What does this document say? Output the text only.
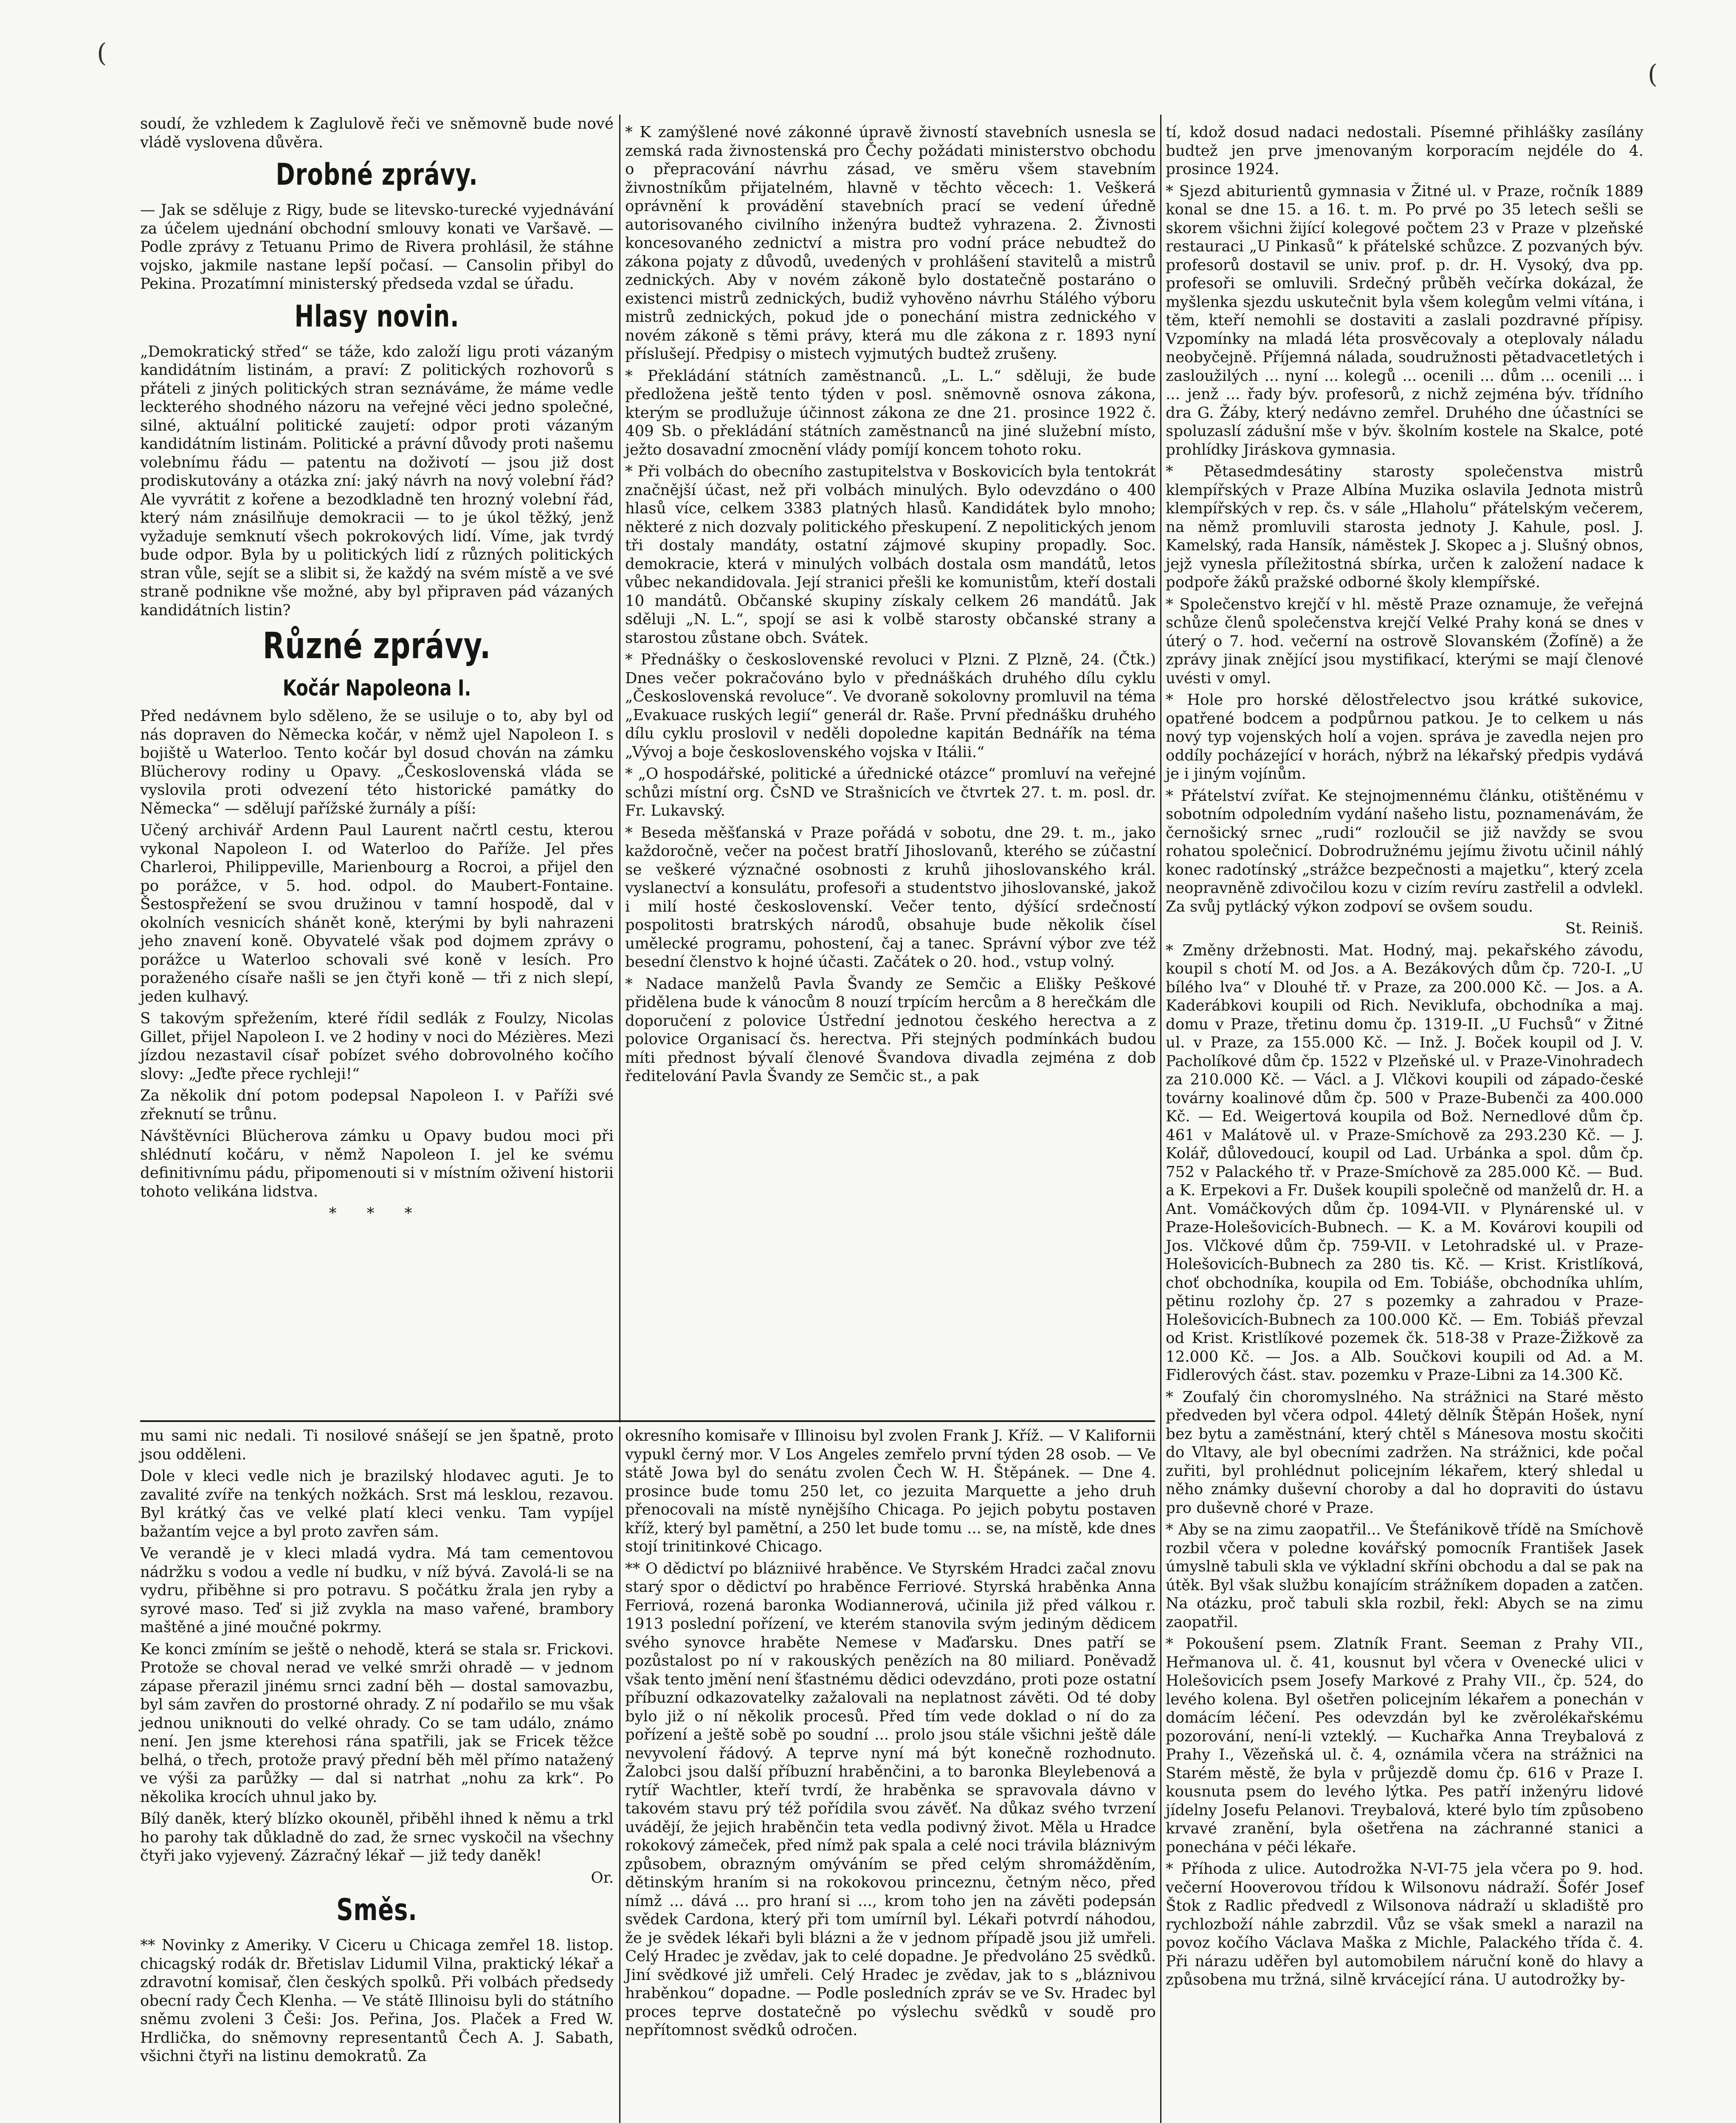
(
(

soudí, že vzhledem k Zaglulově řeči ve sněmovně bude nové vládě vyslovena důvěra.

Drobné zprávy.

— Jak se sděluje z Rigy, bude se litevsko-turecké vyjednávání za účelem ujednání obchodní smlouvy konati ve Varšavě. — Podle zprávy z Tetuanu Primo de Rivera prohlásil, že stáhne vojsko, jakmile nastane lepší počasí. — Cansolin přibyl do Pekina. Prozatímní ministerský předseda vzdal se úřadu.

Hlasy novin.

„Demokratický střed“ se táže, kdo založí ligu proti vázaným kandidátním listinám, a praví: Z politických rozhovorů s přáteli z jiných politických stran seznáváme, že máme vedle leckterého shodného názoru na veřejné věci jedno společné, silné, aktuální politické zaujetí: odpor proti vázaným kandidátním listinám. Politické a právní důvody proti našemu volebnímu řádu — patentu na doživotí — jsou již dost prodiskutovány a otázka zní: jaký návrh na nový volební řád? Ale vyvrátit z kořene a bezodkladně ten hrozný volební řád, který nám znásilňuje demokracii — to je úkol těžký, jenž vyžaduje semknutí všech pokrokových lidí. Víme, jak tvrdý bude odpor. Byla by u politických lidí z různých politických stran vůle, sejít se a slibit si, že každý na svém místě a ve své straně podnikne vše možné, aby byl připraven pád vázaných kandidátních listin?

Různé zprávy.
Kočár Napoleona I.

Před nedávnem bylo sděleno, že se usiluje o to, aby byl od nás dopraven do Německa kočár, v němž ujel Napoleon I. s bojiště u Waterloo. Tento kočár byl dosud chován na zámku Blücherovy rodiny u Opavy. „Československá vláda se vyslovila proti odvezení této historické památky do Německa“ — sdělují pařížské žurnály a píší:

Učený archivář Ardenn Paul Laurent načrtl cestu, kterou vykonal Napoleon I. od Waterloo do Paříže. Jel přes Charleroi, Philippeville, Marienbourg a Rocroi, a přijel den po porážce, v 5. hod. odpol. do Maubert-Fontaine. Šestospřežení se svou družinou v tamní hospodě, dal v okolních vesnicích shánět koně, kterými by byli nahrazeni jeho znavení koně. Obyvatelé však pod dojmem zprávy o porážce u Waterloo schovali své koně v lesích. Pro poraženého císaře našli se jen čtyři koně — tři z nich slepí, jeden kulhavý.

S takovým spřežením, které řídil sedlák z Foulzy, Nicolas Gillet, přijel Napoleon I. ve 2 hodiny v noci do Mézières. Mezi jízdou nezastavil císař pobízet svého dobrovolného kočího slovy: „Jeďte přece rychleji!“

Za několik dní potom podepsal Napoleon I. v Paříži své zřeknutí se trůnu.

Návštěvníci Blücherova zámku u Opavy budou moci při shlédnutí kočáru, v němž Napoleon I. jel ke svému definitivnímu pádu, připomenouti si v místním oživení historii tohoto velikána lidstva.

* * *

* K zamýšlené nové zákonné úpravě živností stavebních usnesla se zemská rada živnostenská pro Čechy požádati ministerstvo obchodu o přepracování návrhu zásad, ve směru všem stavebním živnostníkům přijatelném, hlavně v těchto věcech: 1. Veškerá oprávnění k provádění stavebních prací se vedení úředně autorisovaného civilního inženýra budtež vyhrazena. 2. Živnosti koncesovaného zednictví a mistra pro vodní práce nebudtež do zákona pojaty z důvodů, uvedených v prohlášení stavitelů a mistrů zednických. Aby v novém zákoně bylo dostatečně postaráno o existenci mistrů zednických, budiž vyhověno návrhu Stálého výboru mistrů zednických, pokud jde o ponechání mistra zednického v novém zákoně s těmi právy, která mu dle zákona z r. 1893 nyní příslušejí. Předpisy o mistech vyjmutých budtež zrušeny.

* Překládání státních zaměstnanců. „L. L.“ sděluji, že bude předložena ještě tento týden v posl. sněmovně osnova zákona, kterým se prodlužuje účinnost zákona ze dne 21. prosince 1922 č. 409 Sb. o překládání státních zaměstnanců na jiné služební místo, ježto dosavadní zmocnění vlády pomíjí koncem tohoto roku.

* Při volbách do obecního zastupitelstva v Boskovicích byla tentokrát značnější účast, než při volbách minulých. Bylo odevzdáno o 400 hlasů více, celkem 3383 platných hlasů. Kandidátek bylo mnoho; některé z nich dozvaly politického přeskupení. Z nepolitických jenom tři dostaly mandáty, ostatní zájmové skupiny propadly. Soc. demokracie, která v minulých volbách dostala osm mandátů, letos vůbec nekandidovala. Její stranici přešli ke komunistům, kteří dostali 10 mandátů. Občanské skupiny získaly celkem 26 mandátů. Jak sděluji „N. L.“, spojí se asi k volbě starosty občanské strany a starostou zůstane obch. Svátek.

* Přednášky o československé revoluci v Plzni. Z Plzně, 24. (Čtk.) Dnes večer pokračováno bylo v přednáškách druhého dílu cyklu „Československá revoluce“. Ve dvoraně sokolovny promluvil na téma „Evakuace ruských legií“ generál dr. Raše. První přednášku druhého dílu cyklu proslovil v neděli dopoledne kapitán Bednářík na téma „Vývoj a boje československého vojska v Itálii.“

* „O hospodářské, politické a úřednické otázce“ promluví na veřejné schůzi místní org. ČsND ve Strašnicích ve čtvrtek 27. t. m. posl. dr. Fr. Lukavský.

* Beseda měšťanská v Praze pořádá v sobotu, dne 29. t. m., jako každoročně, večer na počest bratří Jihoslovanů, kterého se zúčastní se veškeré význačné osobnosti z kruhů jihoslovanského král. vyslanectví a konsulátu, profesoři a studentstvo jihoslovanské, jakož i milí hosté československí. Večer tento, dýšící srdečností pospolitosti bratrských národů, obsahuje bude několik čísel umělecké programu, pohostení, čaj a tanec. Správní výbor zve též besední členstvo k hojné účasti. Začátek o 20. hod., vstup volný.

* Nadace manželů Pavla Švandy ze Semčic a Elišky Peškové přidělena bude k vánocům 8 nouzí trpícím hercům a 8 herečkám dle doporučení z polovice Ústřední jednotou českého herectva a z polovice Organisací čs. herectva. Při stejných podmínkách budou míti přednost bývalí členové Švandova divadla zejména z dob ředitelování Pavla Švandy ze Semčic st., a pak

tí, kdož dosud nadaci nedostali. Písemné přihlášky zasílány budtež jen prve jmenovaným korporacím nejdéle do 4. prosince 1924.

* Sjezd abiturientů gymnasia v Žitné ul. v Praze, ročník 1889 konal se dne 15. a 16. t. m. Po prvé po 35 letech sešli se skorem všichni žijící kolegové počtem 23 v Praze v plzeňské restauraci „U Pinkasů“ k přátelské schůzce. Z pozvaných býv. profesorů dostavil se univ. prof. p. dr. H. Vysoký, dva pp. profesoři se omluvili. Srdečný průběh večírka dokázal, že myšlenka sjezdu uskutečnit byla všem kolegům velmi vítána, i těm, kteří nemohli se dostaviti a zaslali pozdravné přípisy. Vzpomínky na mladá léta prosvěcovaly a oteplovaly náladu neobyčejně. Příjemná nálada, soudružnosti pětadvacetletých i zasloužilých ... nyní ... kolegů ... ocenili ... dům ... ocenili ... i ... jenž ... řady býv. profesorů, z nichž zejména býv. třídního dra G. Žáby, který nedávno zemřel. Druhého dne účastníci se spoluzaslí zádušní mše v býv. školním kostele na Skalce, poté prohlídky Jiráskova gymnasia.

* Pětasedmdesátiny starosty společenstva mistrů klempířských v Praze Albína Muzika oslavila Jednota mistrů klempířských v rep. čs. v sále „Hlaholu“ přátelským večerem, na němž promluvili starosta jednoty J. Kahule, posl. J. Kamelský, rada Hansík, náměstek J. Skopec a j. Slušný obnos, jejž vynesla příležitostná sbírka, určen k založení nadace k podpoře žáků pražské odborné školy klempířské.

* Společenstvo krejčí v hl. městě Praze oznamuje, že veřejná schůze členů společenstva krejčí Velké Prahy koná se dnes v úterý o 7. hod. večerní na ostrově Slovanském (Žofíně) a že zprávy jinak znějící jsou mystifikací, kterými se mají členové uvésti v omyl.

* Hole pro horské dělostřelectvo jsou krátké sukovice, opatřené bodcem a podpůrnou patkou. Je to celkem u nás nový typ vojenských holí a vojen. správa je zavedla nejen pro oddíly pocházející v horách, nýbrž na lékařský předpis vydává je i jiným vojínům.

* Přátelství zvířat. Ke stejnojmennému článku, otištěnému v sobotním odpoledním vydání našeho listu, poznamenávám, že černošický srnec „rudi“ rozloučil se již navždy se svou rohatou společnicí. Dobrodružnému jejímu životu učinil náhlý konec radotínský „strážce bezpečnosti a majetku“, který zcela neopravněně zdivočilou kozu v cizím revíru zastřelil a odvlekl. Za svůj pytlácký výkon zodpoví se ovšem soudu.

St. Reiniš.

* Změny držebnosti. Mat. Hodný, maj. pekařského závodu, koupil s chotí M. od Jos. a A. Bezákových dům čp. 720-I. „U bílého lva“ v Dlouhé tř. v Praze, za 200.000 Kč. — Jos. a A. Kaderábkovi koupili od Rich. Neviklufa, obchodníka a maj. domu v Praze, třetinu domu čp. 1319-II. „U Fuchsů“ v Žitné ul. v Praze, za 155.000 Kč. — Inž. J. Boček koupil od J. V. Pacholíkové dům čp. 1522 v Plzeňské ul. v Praze-Vinohradech za 210.000 Kč. — Václ. a J. Vlčkovi koupili od západo-české továrny koalinové dům čp. 500 v Praze-Bubenči za 400.000 Kč. — Ed. Weigertová koupila od Bož. Nernedlové dům čp. 461 v Malátově ul. v Praze-Smíchově za 293.230 Kč. — J. Kolář, důlovedoucí, koupil od Lad. Urbánka a spol. dům čp. 752 v Palackého tř. v Praze-Smíchově za 285.000 Kč. — Bud. a K. Erpekovi a Fr. Dušek koupili společně od manželů dr. H. a Ant. Vomáčkových dům čp. 1094-VII. v Plynárenské ul. v Praze-Holešovicích-Bubnech. — K. a M. Kovárovi koupili od Jos. Vlčkové dům čp. 759-VII. v Letohradské ul. v Praze-Holešovicích-Bubnech za 280 tis. Kč. — Krist. Kristlíková, choť obchodníka, koupila od Em. Tobiáše, obchodníka uhlím, pětinu rozlohy čp. 27 s pozemky a zahradou v Praze-Holešovicích-Bubnech za 100.000 Kč. — Em. Tobiáš převzal od Krist. Kristlíkové pozemek čk. 518-38 v Praze-Žižkově za 12.000 Kč. — Jos. a Alb. Součkovi koupili od Ad. a M. Fidlerových část. stav. pozemku v Praze-Libni za 14.300 Kč.

* Zoufalý čin choromyslného. Na strážnici na Staré město předveden byl včera odpol. 44letý dělník Štěpán Hošek, nyní bez bytu a zaměstnání, který chtěl s Mánesova mostu skočiti do Vltavy, ale byl obecními zadržen. Na strážnici, kde počal zuřiti, byl prohlédnut policejním lékařem, který shledal u něho známky duševní choroby a dal ho dopraviti do ústavu pro duševně choré v Praze.

* Aby se na zimu zaopatřil... Ve Štefánikově třídě na Smíchově rozbil včera v poledne kovářský pomocník František Jasek úmyslně tabuli skla ve výkladní skříni obchodu a dal se pak na útěk. Byl však službu konajícím strážníkem dopaden a zatčen. Na otázku, proč tabuli skla rozbil, řekl: Abych se na zimu zaopatřil.

* Pokoušení psem. Zlatník Frant. Seeman z Prahy VII., Heřmanova ul. č. 41, kousnut byl včera v Ovenecké ulici v Holešovicích psem Josefy Markové z Prahy VII., čp. 524, do levého kolena. Byl ošetřen policejním lékařem a ponechán v domácím léčení. Pes odevzdán byl ke zvěrolékařskému pozorování, není-li vzteklý. — Kuchařka Anna Treybalová z Prahy I., Vězeňská ul. č. 4, oznámila včera na strážnici na Starém městě, že byla v průjezdě domu čp. 616 v Praze I. kousnuta psem do levého lýtka. Pes patří inženýru lidové jídelny Josefu Pelanovi. Treybalová, které bylo tím způsobeno krvavé zranění, byla ošetřena na záchranné stanici a ponechána v péči lékaře.

* Příhoda z ulice. Autodrožka N-VI-75 jela včera po 9. hod. večerní Hooverovou třídou k Wilsonovu nádraží. Šofér Josef Štok z Radlic předvedl z Wilsonova nádraží u skladiště pro rychlozboží náhle zabrzdil. Vůz se však smekl a narazil na povoz kočího Václava Maška z Michle, Palackého třída č. 4. Při nárazu uděřen byl automobilem náruční koně do hlavy a způsobena mu tržná, silně krvácející rána. U autodrožky by-

mu sami nic nedali. Ti nosilové snášejí se jen špatně, proto jsou odděleni.

Dole v kleci vedle nich je brazilský hlodavec aguti. Je to zavalité zvíře na tenkých nožkách. Srst má lesklou, rezavou. Byl krátký čas ve velké platí kleci venku. Tam vypíjel bažantím vejce a byl proto zavřen sám.

Ve verandě je v kleci mladá vydra. Má tam cementovou nádržku s vodou a vedle ní budku, v níž bývá. Zavolá-li se na vydru, přiběhne si pro potravu. S počátku žrala jen ryby a syrové maso. Teď si již zvykla na maso vařené, brambory maštěné a jiné moučné pokrmy.

Ke konci zmíním se ještě o nehodě, která se stala sr. Frickovi. Protože se choval nerad ve velké smrži ohradě — v jednom zápase přerazil jinému srnci zadní běh — dostal samovazbu, byl sám zavřen do prostorné ohrady. Z ní podařilo se mu však jednou uniknouti do velké ohrady. Co se tam událo, známo není. Jen jsme kterehosi rána spatřili, jak se Fricek těžce belhá, o třech, protože pravý přední běh měl přímo natažený ve výši za parůžky — dal si natrhat „nohu za krk“. Po několika krocích uhnul jako by.

Bílý daněk, který blízko okouněl, přiběhl ihned k němu a trkl ho parohy tak důkladně do zad, že srnec vyskočil na všechny čtyři jako vyjevený. Zázračný lékař — již tedy daněk!

Or.

Směs.

** Novinky z Ameriky. V Ciceru u Chicaga zemřel 18. listop. chicagský rodák dr. Břetislav Lidumil Vilna, praktický lékař a zdravotní komisař, člen českých spolků. Při volbách předsedy obecní rady Čech Klenha. — Ve státě Illinoisu byli do státního sněmu zvoleni 3 Češi: Jos. Peřina, Jos. Plaček a Fred W. Hrdlička, do sněmovny representantů Čech A. J. Sabath, všichni čtyři na listinu demokratů. Za

okresního komisaře v Illinoisu byl zvolen Frank J. Kříž. — V Kalifornii vypukl černý mor. V Los Angeles zemřelo první týden 28 osob. — Ve státě Jowa byl do senátu zvolen Čech W. H. Štěpánek. — Dne 4. prosince bude tomu 250 let, co jezuita Marquette a jeho druh přenocovali na místě nynějšího Chicaga. Po jejich pobytu postaven kříž, který byl pamětní, a 250 let bude tomu ... se, na místě, kde dnes stojí trinitinkové Chicago.

** O dědictví po blázniivé hraběnce. Ve Styrském Hradci začal znovu starý spor o dědictví po hraběnce Ferriové. Styrská hraběnka Anna Ferriová, rozená baronka Wodiannerová, učinila již před válkou r. 1913 poslední pořízení, ve kterém stanovila svým jediným dědicem svého synovce hraběte Nemese v Maďarsku. Dnes patří se pozůstalost po ní v rakouských penězích na 80 miliard. Poněvadž však tento jmění není šťastnému dědici odevzdáno, proti poze ostatní příbuzní odkazovatelky zažalovali na neplatnost závěti. Od té doby bylo již o ní několik procesů. Před tím vede doklad o ní do za pořízení a ještě sobě po soudní ... prolo jsou stále všichni ještě dále nevyvolení řádový. A teprve nyní má být konečně rozhodnuto. Žalobci jsou další příbuzní hraběnčini, a to baronka Bleylebenová a rytíř Wachtler, kteří tvrdí, že hraběnka se spravovala dávno v takovém stavu prý též pořídila svou závěť. Na důkaz svého tvrzení uvádějí, že jejich hraběnčin teta vedla podivný život. Měla u Hradce rokokový zámeček, před nímž pak spala a celé noci trávila bláznivým způsobem, obrazným omýváním se před celým shromážděním, dětinským hraním si na rokokovou princeznu, četným něco, před nímž ... dává ... pro hraní si ..., krom toho jen na závěti podepsán svědek Cardona, který při tom umírníl byl. Lékaři potvrdí náhodou, že je svědek lékaři byli blázni a že v jednom případě jsou již umřeli. Celý Hradec je zvědav, jak to celé dopadne. Je předvoláno 25 svědků. Jiní svědkové již umřeli. Celý Hradec je zvědav, jak to s „bláznivou hraběnkou“ dopadne. — Podle posledních zpráv se ve Sv. Hradec byl proces teprve dostatečně po výslechu svědků v soudě pro nepřítomnost svědků odročen.
